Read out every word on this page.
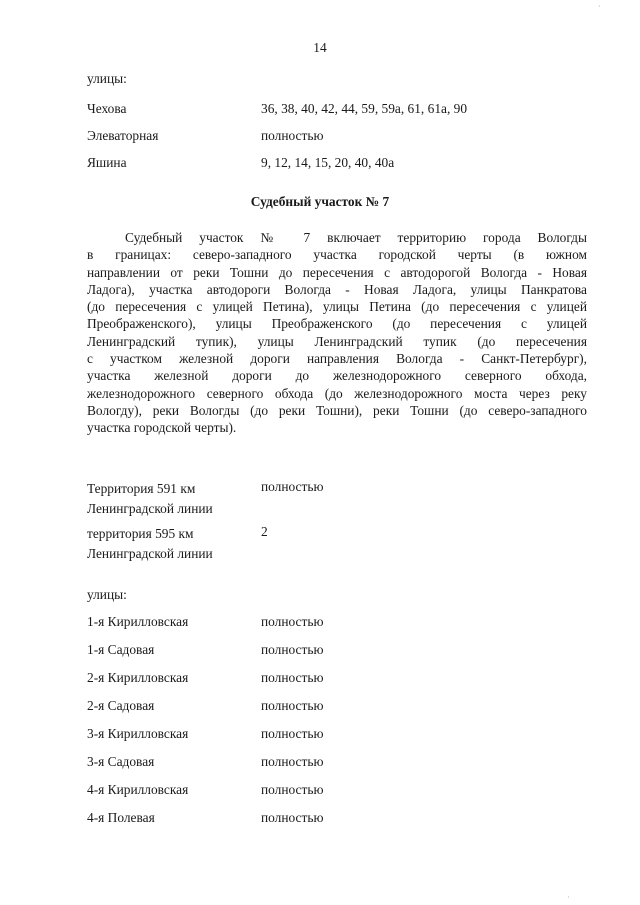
14
улицы:
Чехова	36, 38, 40, 42, 44, 59, 59а, 61, 61а, 90
Элеваторная	полностью
Яшина	9, 12, 14, 15, 20, 40, 40а
Судебный участок № 7
Судебный участок № 7 включает территорию города Вологды
в границах: северо-западного участка городской черты (в южном
направлении от реки Тошни до пересечения с автодорогой Вологда - Новая
Ладога), участка автодороги Вологда - Новая Ладога, улицы Панкратова
(до пересечения с улицей Петина), улицы Петина (до пересечения с улицей
Преображенского), улицы Преображенского (до пересечения с улицей
Ленинградский тупик), улицы Ленинградский тупик (до пересечения
с участком железной дороги направления Вологда - Санкт-Петербург),
участка железной дороги до железнодорожного северного обхода,
железнодорожного северного обхода (до железнодорожного моста через реку
Вологду), реки Вологды (до реки Тошни), реки Тошни (до северо-западного
участка городской черты).
Территория 591 км
Ленинградской линии
полностью
территория 595 км
Ленинградской линии
2
улицы:
1-я Кирилловская	полностью
1-я Садовая	полностью
2-я Кирилловская	полностью
2-я Садовая	полностью
3-я Кирилловская	полностью
3-я Садовая	полностью
4-я Кирилловская	полностью
4-я Полевая	полностью
·
·
